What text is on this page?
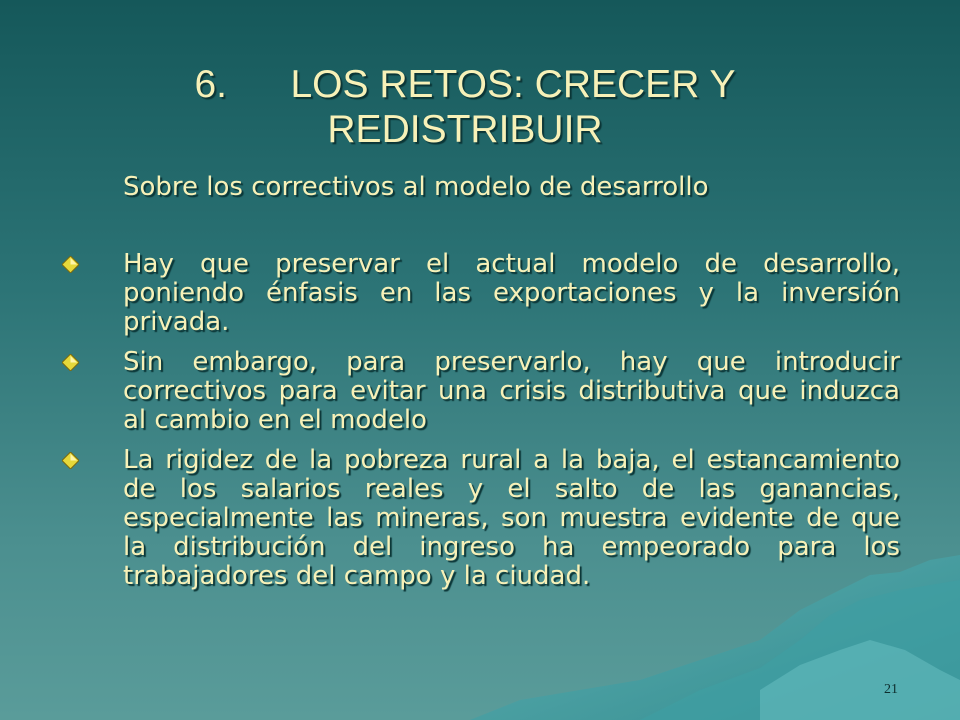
6. LOS RETOS: CRECER Y
REDISTRIBUIR
Sobre los correctivos al modelo de desarrollo
Hay que preservar el actual modelo de desarrollo, poniendo énfasis en las exportaciones y la inversión privada.
Sin embargo, para preservarlo, hay que introducir correctivos para evitar una crisis distributiva que induzca al cambio en el modelo
La rigidez de la pobreza rural a la baja, el estancamiento de los salarios reales y el salto de las ganancias, especialmente las mineras, son muestra evidente de que la distribución del ingreso ha empeorado para los trabajadores del campo y la ciudad.
21
